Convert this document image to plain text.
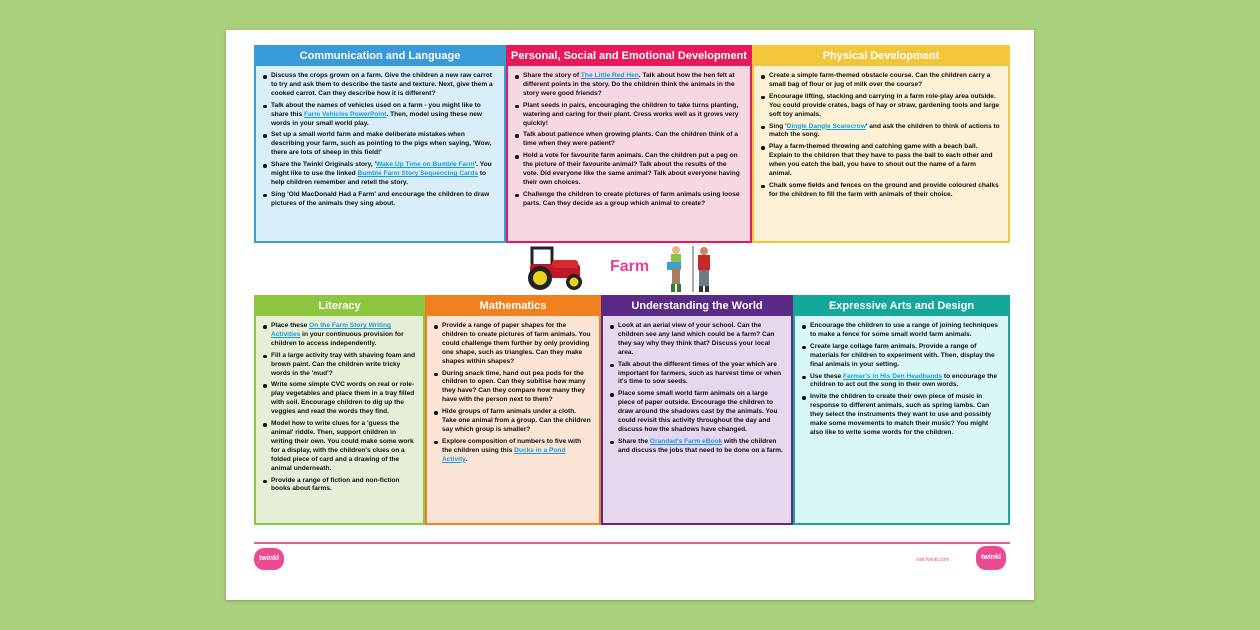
Communication and Language
Discuss the crops grown on a farm. Give the children a new raw carrot to try and ask them to describe the taste and texture. Next, give them a cooked carrot. Can they describe how it is different?
Talk about the names of vehicles used on a farm - you might like to share this Farm Vehicles PowerPoint. Then, model using these new words in your small world play.
Set up a small world farm and make deliberate mistakes when describing your farm, such as pointing to the pigs when saying, 'Wow, there are lots of sheep in this field!'
Share the Twinkl Originals story, 'Wake Up Time on Bumble Farm'. You might like to use the linked Bumble Farm Story Sequencing Cards to help children remember and retell the story.
Sing 'Old MacDonald Had a Farm' and encourage the children to draw pictures of the animals they sing about.
Personal, Social and Emotional Development
Share the story of The Little Red Hen. Talk about how the hen felt at different points in the story. Do the children think the animals in the story were good friends?
Plant seeds in pairs, encouraging the children to take turns planting, watering and caring for their plant. Cress works well as it grows very quickly!
Talk about patience when growing plants. Can the children think of a time when they were patient?
Hold a vote for favourite farm animals. Can the children put a peg on the picture of their favourite animal? Talk about the results of the vote. Did everyone like the same animal? Talk about everyone having their own choices.
Challenge the children to create pictures of farm animals using loose parts. Can they decide as a group which animal to create?
Physical Development
Create a simple farm-themed obstacle course. Can the children carry a small bag of flour or jug of milk over the course?
Encourage lifting, stacking and carrying in a farm role-play area outside. You could provide crates, bags of hay or straw, gardening tools and large soft toy animals.
Sing 'Dingle Dangle Scarecrow' and ask the children to think of actions to match the song.
Play a farm-themed throwing and catching game with a beach ball. Explain to the children that they have to pass the ball to each other and when you catch the ball, you have to shout out the name of a farm animal.
Chalk some fields and fences on the ground and provide coloured chalks for the children to fill the farm with animals of their choice.
Farm
Literacy
Place these On the Farm Story Writing Activities in your continuous provision for children to access independently.
Fill a large activity tray with shaving foam and brown paint. Can the children write tricky words in the 'mud'?
Write some simple CVC words on real or role-play vegetables and place them in a tray filled with soil. Encourage children to dig up the veggies and read the words they find.
Model how to write clues for a 'guess the animal' riddle. Then, support children in writing their own. You could make some work for a display, with the children's clues on a folded piece of card and a drawing of the animal underneath.
Provide a range of fiction and non-fiction books about farms.
Mathematics
Provide a range of paper shapes for the children to create pictures of farm animals. You could challenge them further by only providing one shape, such as triangles. Can they make shapes within shapes?
During snack time, hand out pea pods for the children to open. Can they subitise how many they have? Can they compare how many they have with the person next to them?
Hide groups of farm animals under a cloth. Take one animal from a group. Can the children say which group is smaller?
Explore composition of numbers to five with the children using this Ducks in a Pond Activity.
Understanding the World
Look at an aerial view of your school. Can the children see any land which could be a farm? Can they say why they think that? Discuss your local area.
Talk about the different times of the year which are important for farmers, such as harvest time or when it's time to sow seeds.
Place some small world farm animals on a large piece of paper outside. Encourage the children to draw around the shadows cast by the animals. You could revisit this activity throughout the day and discuss how the shadows have changed.
Share the Grandad's Farm eBook with the children and discuss the jobs that need to be done on a farm.
Expressive Arts and Design
Encourage the children to use a range of joining techniques to make a fence for some small world farm animals.
Create large collage farm animals. Provide a range of materials for children to experiment with. Then, display the final animals in your setting.
Use these Farmer's in His Den Headbands to encourage the children to act out the song in their own words.
Invite the children to create their own piece of music in response to different animals, such as spring lambs. Can they select the instruments they want to use and possibly make some movements to match their music? You might also like to write some words for the children.
twinkl	visit twinkl.com	twinkl
